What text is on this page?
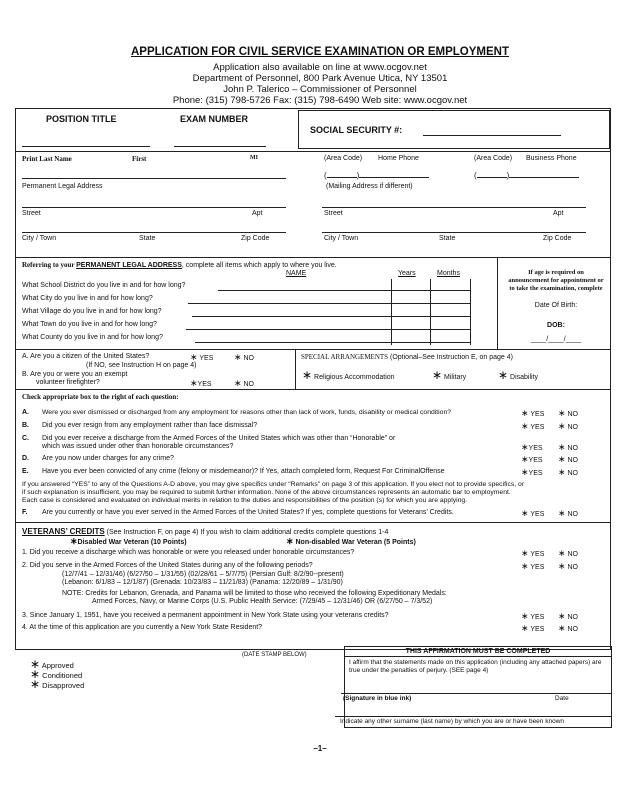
APPLICATION FOR CIVIL SERVICE EXAMINATION OR EMPLOYMENT
Application also available on line at www.ocgov.net
Department of Personnel, 800 Park Avenue Utica, NY 13501
John P. Talerico – Commissioner of Personnel
Phone: (315) 798-5726 Fax: (315) 798-6490 Web site: www.ocgov.net
POSITION TITLE	EXAM NUMBER
SOCIAL SECURITY #:
Print Last Name	First	MI	(Area Code) Home Phone	(Area Code) Business Phone
(	)	(	)
Permanent Legal Address	(Mailing Address if different)
Street	Apt	Street	Apt
City / Town	State	Zip Code	City / Town	State	Zip Code
Referring to your PERMANENT LEGAL ADDRESS, complete all items which apply to where you live.
NAME	Years	Months
What School District do you live in and for how long?
What City do you live in and for how long?
What Village do you live in and for how long?
What Town do you live in and for how long?
What County do you live in and for how long?
If age is required on announcement for appointment or to take the examination, complete
Date Of Birth:
DOB:
____/____/____
A. Are you a citizen of the United States?	∗ YES ∗ NO
(If NO, see Instruction H on page 4)
B. Are you or were you an exempt
volunteer firefighter?	∗YES ∗ NO
SPECIAL ARRANGEMENTS (Optional–See Instruction E, on page 4)
∗ Religious Accommodation	∗ Military	∗ Disability
Check appropriate box to the right of each question:
A. Were you ever dismissed or discharged from any employment for reasons other than lack of work, funds, disability or medical condition?	∗ YES ∗ NO
B. Did you ever resign from any employment rather than face dismissal?	∗ YES ∗ NO
C. Did you ever receive a discharge from the Armed Forces of the United States which was other than “Honorable” or
which was issued under other than honorable circumstances?	∗YES ∗ NO
D. Are you now under charges for any crime?	∗YES ∗ NO
E. Have you ever been convicted of any crime (felony or misdemeanor)? If Yes, attach completed form, Request For CriminalOffense	∗YES ∗ NO
If you answered “YES” to any of the Questions A-D above, you may give specifics under “Remarks” on page 3 of this application. If you elect not to provide specifics, or
if such explanation is insufficient, you may be required to submit further information. None of the above circumstances represents an automatic bar to employment.
Each case is considered and evaluated on individual merits in relation to the duties and responsibilities of the position (s) for which you are applying.
F. Are you currently or have you ever served in the Armed Forces of the United States? If yes, complete questions for Veterans’ Credits.	∗ YES ∗ NO
VETERANS’ CREDITS (See Instruction F, on page 4) If you wish to claim additional credits complete questions 1-4
∗Disabled War Veteran (10 Points)	∗ Non-disabled War Veteran (5 Points)
1. Did you receive a discharge which was honorable or were you released under honorable circumstances?	∗ YES ∗ NO
2. Did you serve in the Armed Forces of the United States during any of the following periods?	∗ YES ∗ NO
(12/7/41 – 12/31/46) (6/27/50 – 1/31/55) (02/28/61 – 5/7/75) (Persian Gulf: 8/2/90--present)
(Lebanon: 6/1/83 – 12/1/87) (Grenada: 10/23/83 – 11/21/83) (Panama: 12/20/89 – 1/31/90)
NOTE: Credits for Lebanon, Grenada, and Panama will be limited to those who received the following Expeditionary Medals:
Armed Forces, Navy, or Marine Corps (U.S. Public Health Service: (7/29/45 – 12/31/46) OR (6/27/50 – 7/3/52)
3. Since January 1, 1951, have you received a permanent appointment in New York State using your veterans credits?	∗ YES ∗ NO
4. At the time of this application are you currently a New York State Resident?	∗ YES ∗ NO
∗ Approved
∗ Conditioned
∗ Disapproved
(DATE STAMP BELOW)	THIS AFFIRMATION MUST BE COMPLETED
I affirm that the statements made on this application (including any attached papers) are
true under the penalties of perjury. (SEE page 4)
(Signature in blue ink)	Date
Indicate any other surname (last name) by which you are or have been known
–1–
